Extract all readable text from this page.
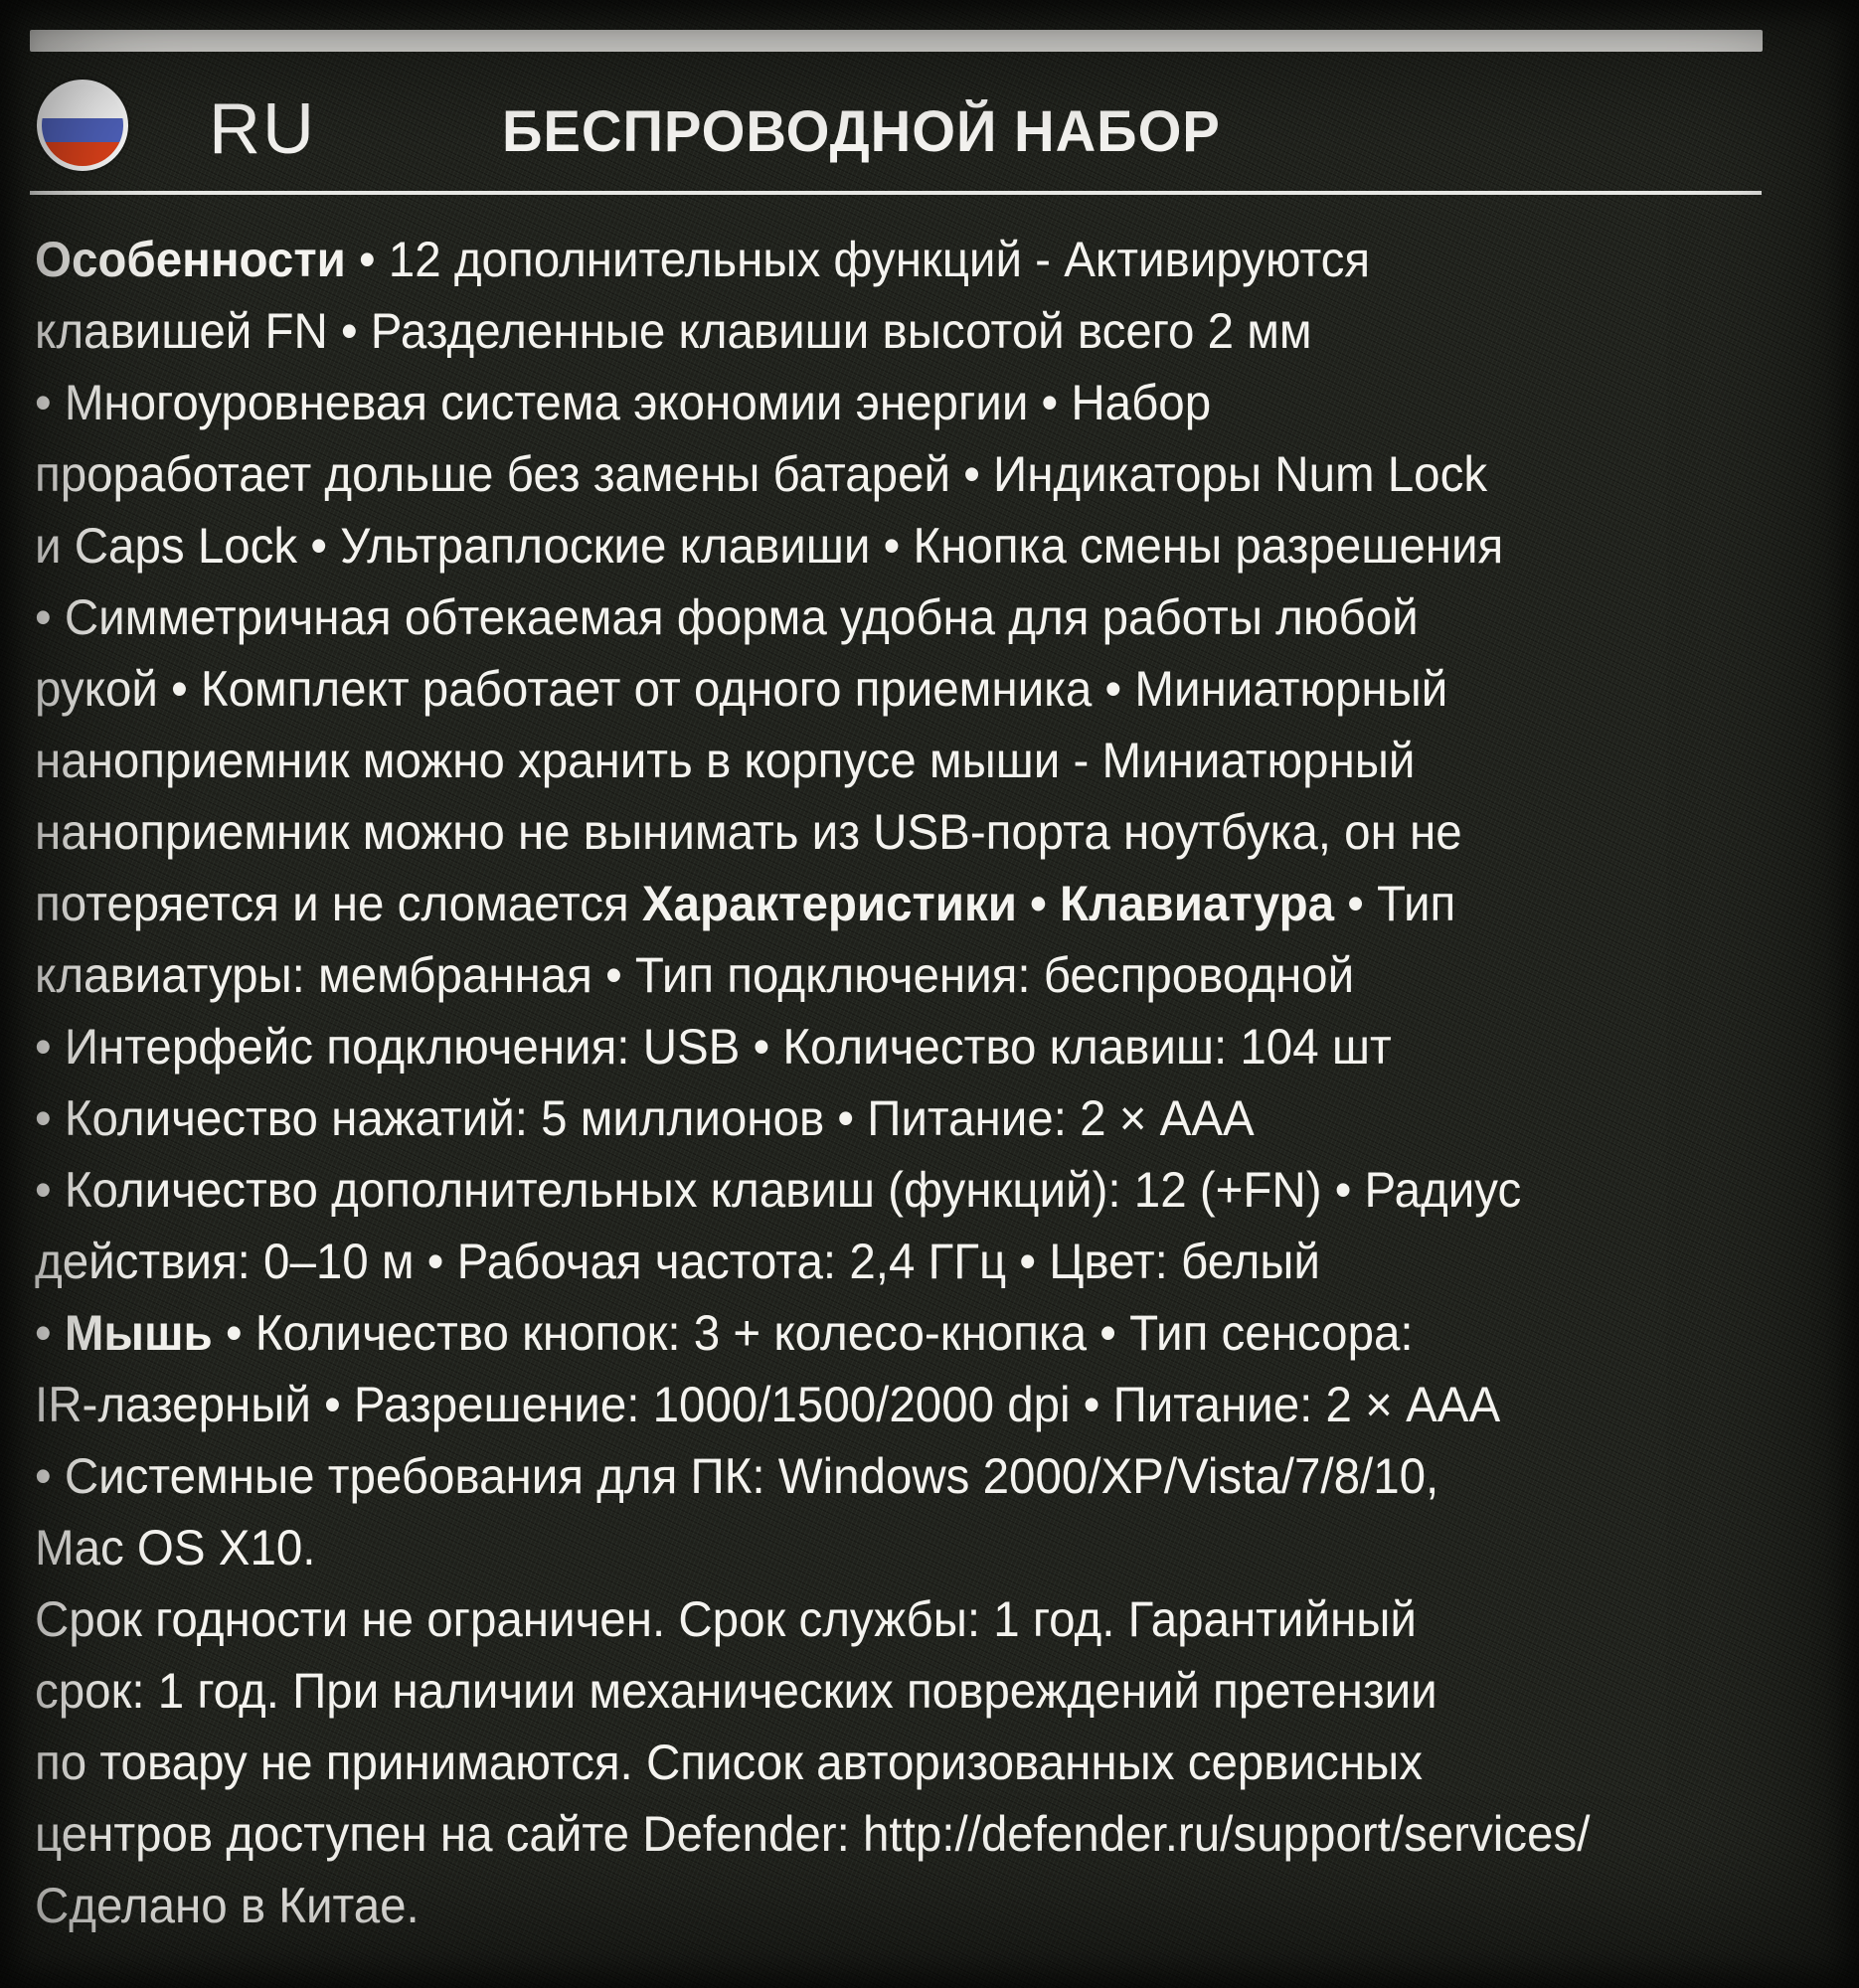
RU	БЕСПРОВОДНОЙ НАБОР
Особенности • 12 дополнительных функций - Активируются
клавишей FN • Разделенные клавиши высотой всего 2 мм
• Многоуровневая система экономии энергии • Набор
проработает дольше без замены батарей • Индикаторы Num Lock
и Caps Lock • Ультраплоские клавиши • Кнопка смены разрешения
• Симметричная обтекаемая форма удобна для работы любой
рукой • Комплект работает от одного приемника • Миниатюрный
наноприемник можно хранить в корпусе мыши - Миниатюрный
наноприемник можно не вынимать из USB-порта ноутбука, он не
потеряется и не сломается Характеристики • Клавиатура • Тип
клавиатуры: мембранная • Тип подключения: беспроводной
• Интерфейс подключения: USB • Количество клавиш: 104 шт
• Количество нажатий: 5 миллионов • Питание: 2 × AAA
• Количество дополнительных клавиш (функций): 12 (+FN) • Радиус
действия: 0–10 м • Рабочая частота: 2,4 ГГц • Цвет: белый
• Мышь • Количество кнопок: 3 + колесо-кнопка • Тип сенсора:
IR-лазерный • Разрешение: 1000/1500/2000 dpi • Питание: 2 × AAA
• Системные требования для ПК: Windows 2000/XP/Vista/7/8/10,
Mac OS X10.
Срок годности не ограничен. Срок службы: 1 год. Гарантийный
срок: 1 год. При наличии механических повреждений претензии
по товару не принимаются. Список авторизованных сервисных
центров доступен на сайте Defender: http://defender.ru/support/services/
Сделано в Китае.
